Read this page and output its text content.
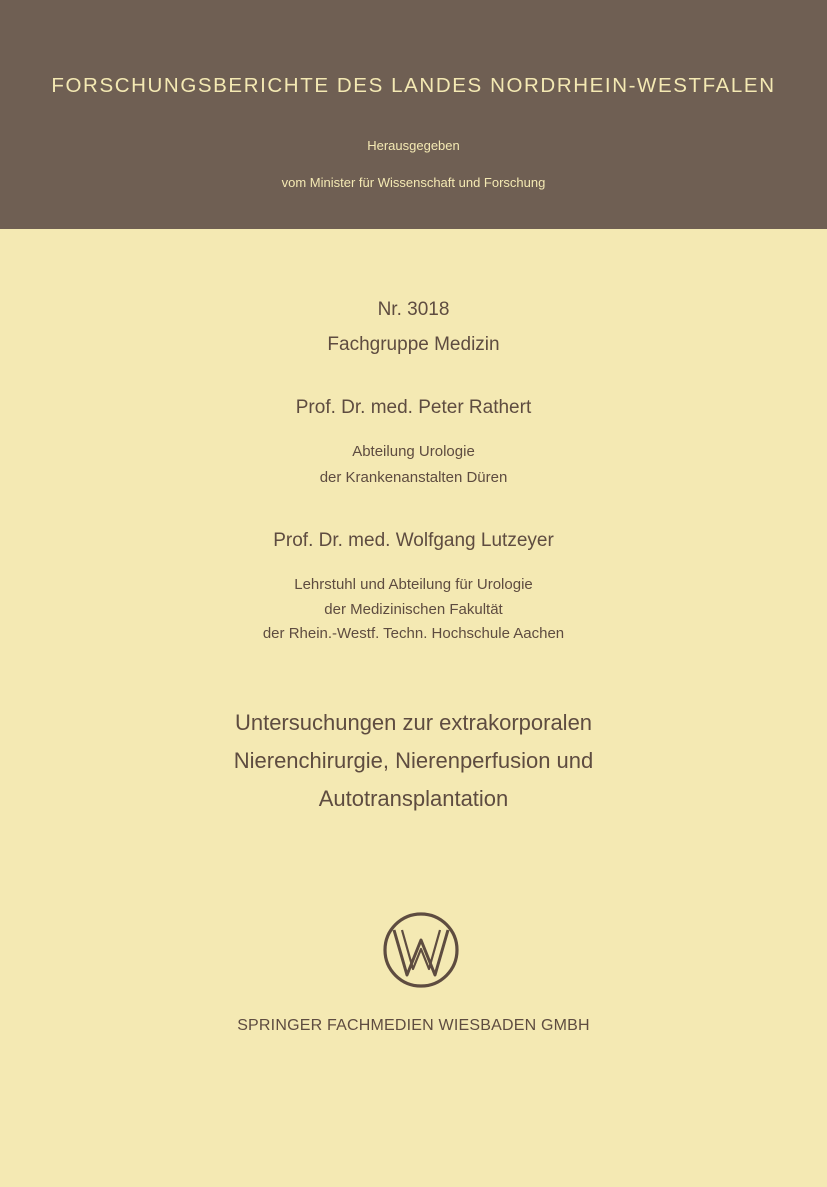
FORSCHUNGSBERICHTE DES LANDES NORDRHEIN-WESTFALEN
Herausgegeben
vom Minister für Wissenschaft und Forschung
Nr. 3018
Fachgruppe Medizin
Prof. Dr. med. Peter Rathert
Abteilung Urologie
der Krankenanstalten Düren
Prof. Dr. med. Wolfgang Lutzeyer
Lehrstuhl und Abteilung für Urologie
der Medizinischen Fakultät
der Rhein.-Westf. Techn. Hochschule Aachen
Untersuchungen zur extrakorporalen
Nierenchirurgie, Nierenperfusion und
Autotransplantation
SPRINGER FACHMEDIEN WIESBADEN GMBH
